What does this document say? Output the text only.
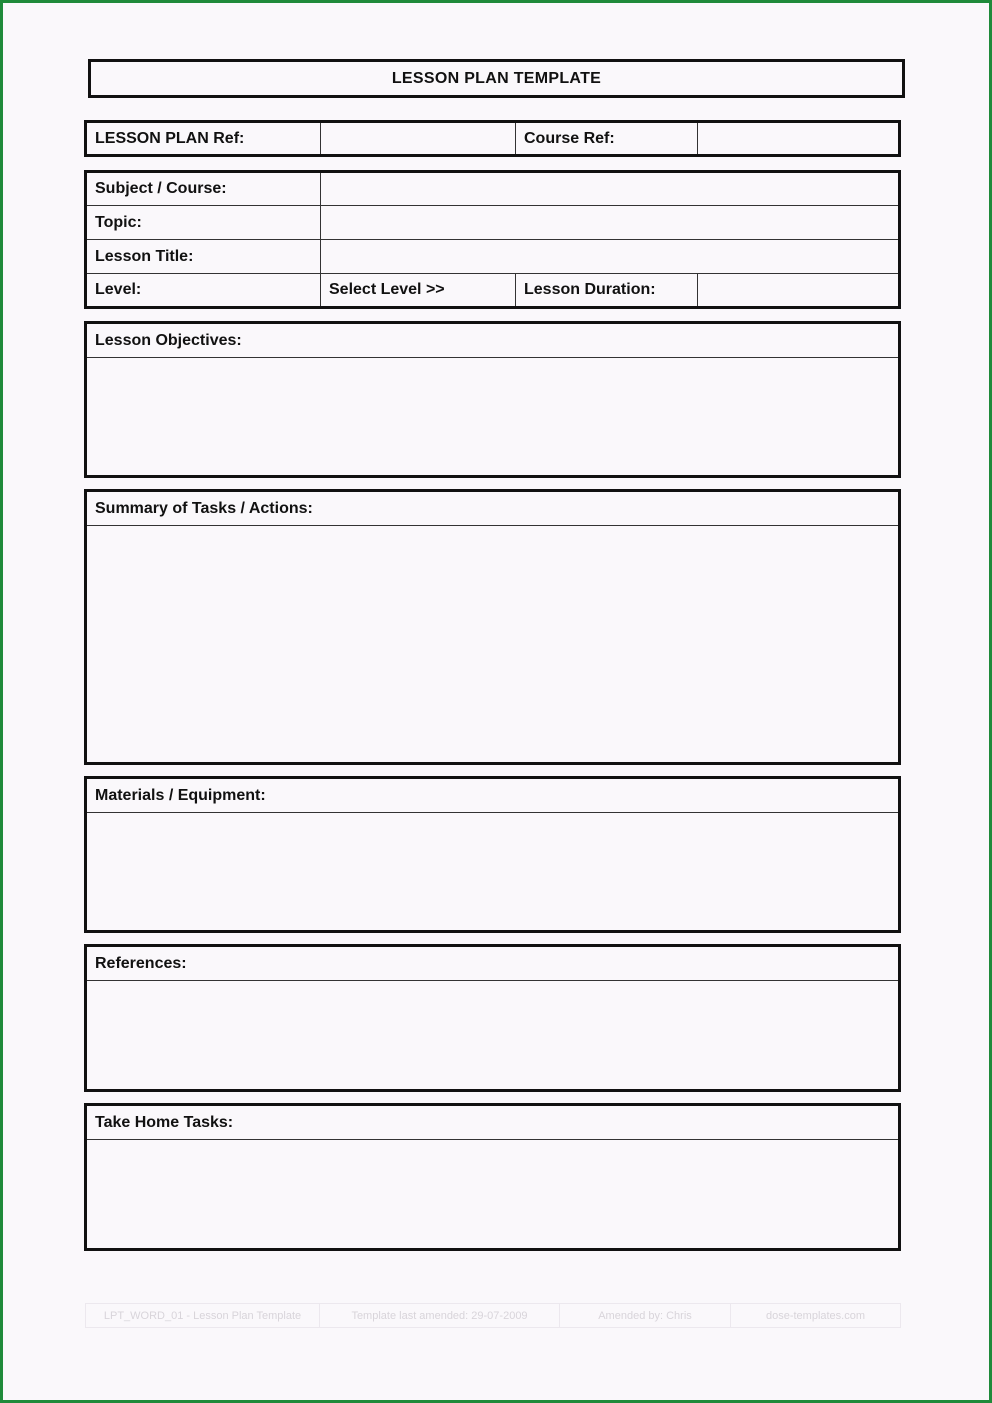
LESSON PLAN TEMPLATE
LESSON PLAN Ref:		Course Ref:	
Subject / Course:			
Topic:			
Lesson Title:			
Level:	Select Level >>	Lesson Duration:	
Lesson Objectives:
Summary of Tasks / Actions:
Materials / Equipment:
References:
Take Home Tasks:
LPT_WORD_01 - Lesson Plan Template	Template last amended: 29-07-2009	Amended by: Chris	dose-templates.com
